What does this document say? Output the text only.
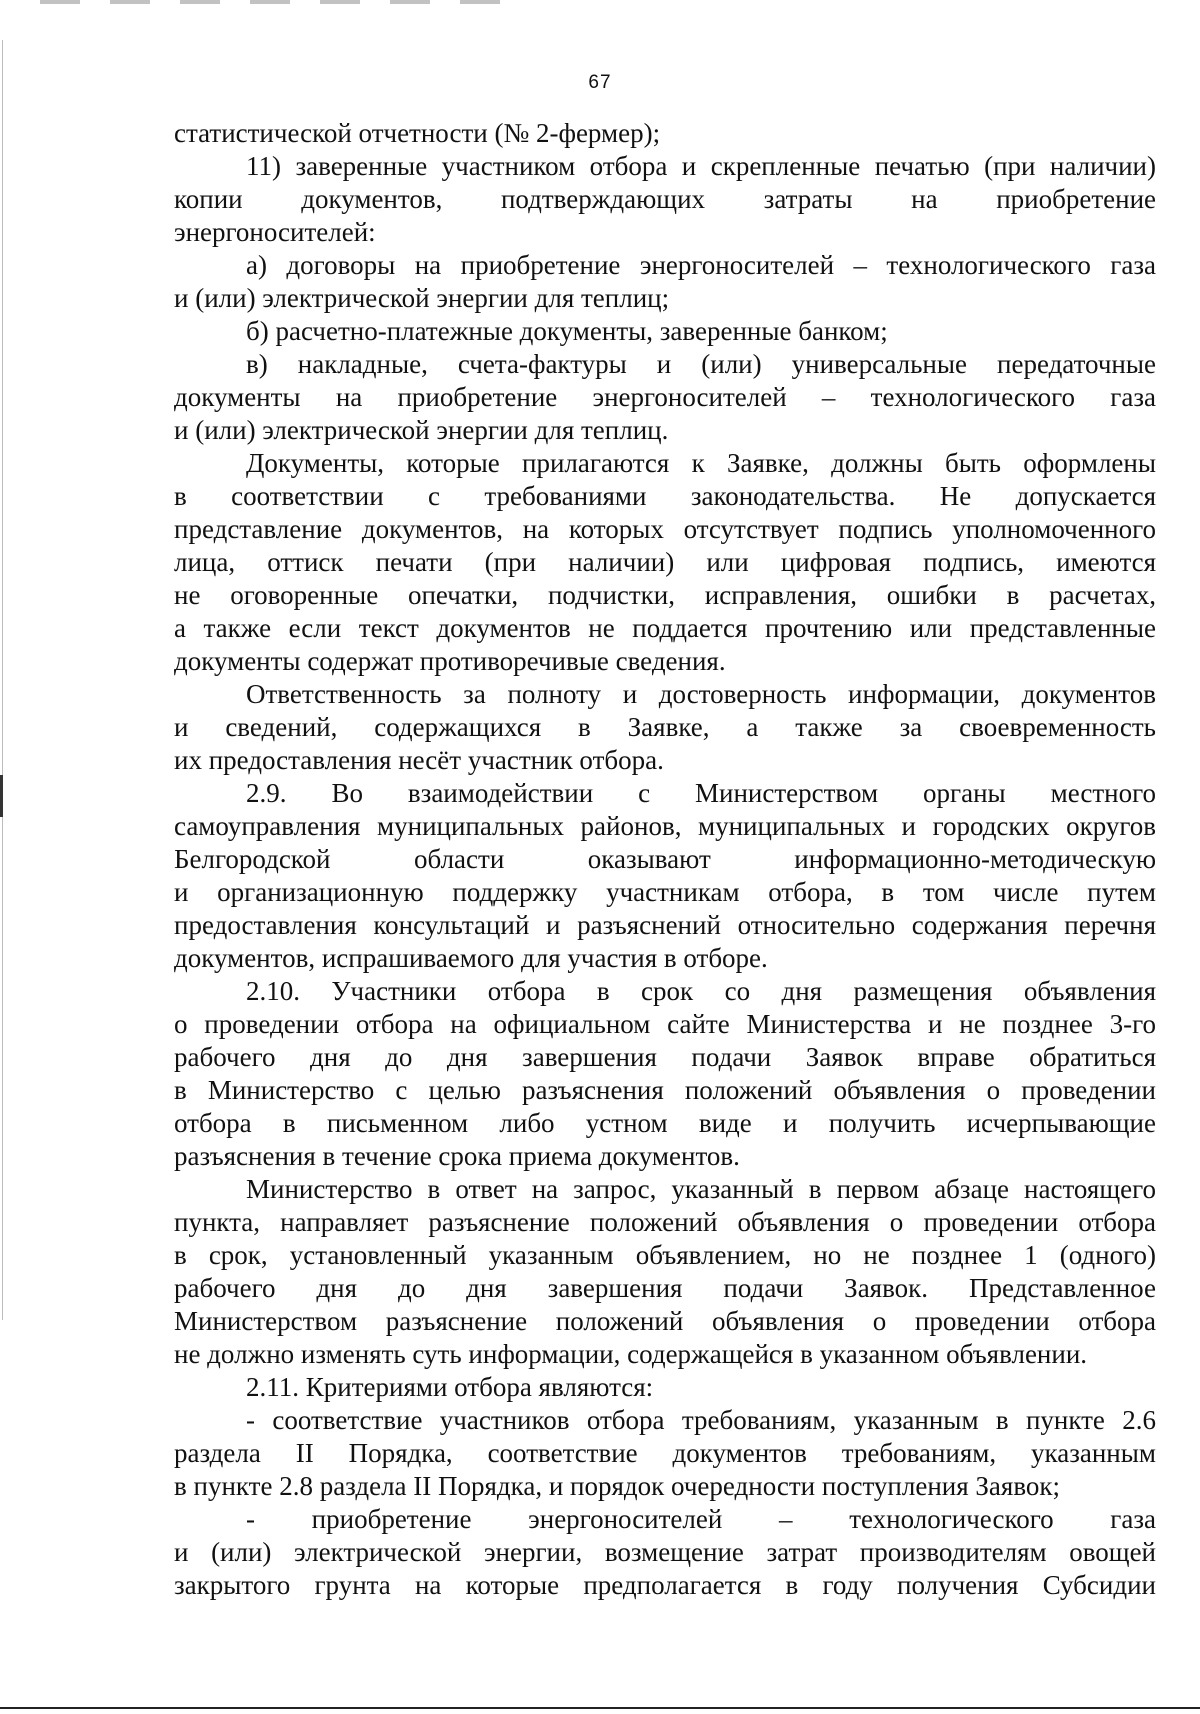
67
статистической отчетности (№ 2-фермер);
11) заверенные участником отбора и скрепленные печатью (при наличии)
копии документов, подтверждающих затраты на приобретение
энергоносителей:
а) договоры на приобретение энергоносителей – технологического газа
и (или) электрической энергии для теплиц;
б) расчетно-платежные документы, заверенные банком;
в) накладные, счета-фактуры и (или) универсальные передаточные
документы на приобретение энергоносителей – технологического газа
и (или) электрической энергии для теплиц.
Документы, которые прилагаются к Заявке, должны быть оформлены
в соответствии с требованиями законодательства. Не допускается
представление документов, на которых отсутствует подпись уполномоченного
лица, оттиск печати (при наличии) или цифровая подпись, имеются
не оговоренные опечатки, подчистки, исправления, ошибки в расчетах,
а также если текст документов не поддается прочтению или представленные
документы содержат противоречивые сведения.
Ответственность за полноту и достоверность информации, документов
и сведений, содержащихся в Заявке, а также за своевременность
их предоставления несёт участник отбора.
2.9. Во взаимодействии с Министерством органы местного
самоуправления муниципальных районов, муниципальных и городских округов
Белгородской области оказывают информационно-методическую
и организационную поддержку участникам отбора, в том числе путем
предоставления консультаций и разъяснений относительно содержания перечня
документов, испрашиваемого для участия в отборе.
2.10. Участники отбора в срок со дня размещения объявления
о проведении отбора на официальном сайте Министерства и не позднее 3-го
рабочего дня до дня завершения подачи Заявок вправе обратиться
в Министерство с целью разъяснения положений объявления о проведении
отбора в письменном либо устном виде и получить исчерпывающие
разъяснения в течение срока приема документов.
Министерство в ответ на запрос, указанный в первом абзаце настоящего
пункта, направляет разъяснение положений объявления о проведении отбора
в срок, установленный указанным объявлением, но не позднее 1 (одного)
рабочего дня до дня завершения подачи Заявок. Представленное
Министерством разъяснение положений объявления о проведении отбора
не должно изменять суть информации, содержащейся в указанном объявлении.
2.11. Критериями отбора являются:
- соответствие участников отбора требованиям, указанным в пункте 2.6
раздела II Порядка, соответствие документов требованиям, указанным
в пункте 2.8 раздела II Порядка, и порядок очередности поступления Заявок;
- приобретение энергоносителей – технологического газа
и (или) электрической энергии, возмещение затрат производителям овощей
закрытого грунта на которые предполагается в году получения Субсидии
